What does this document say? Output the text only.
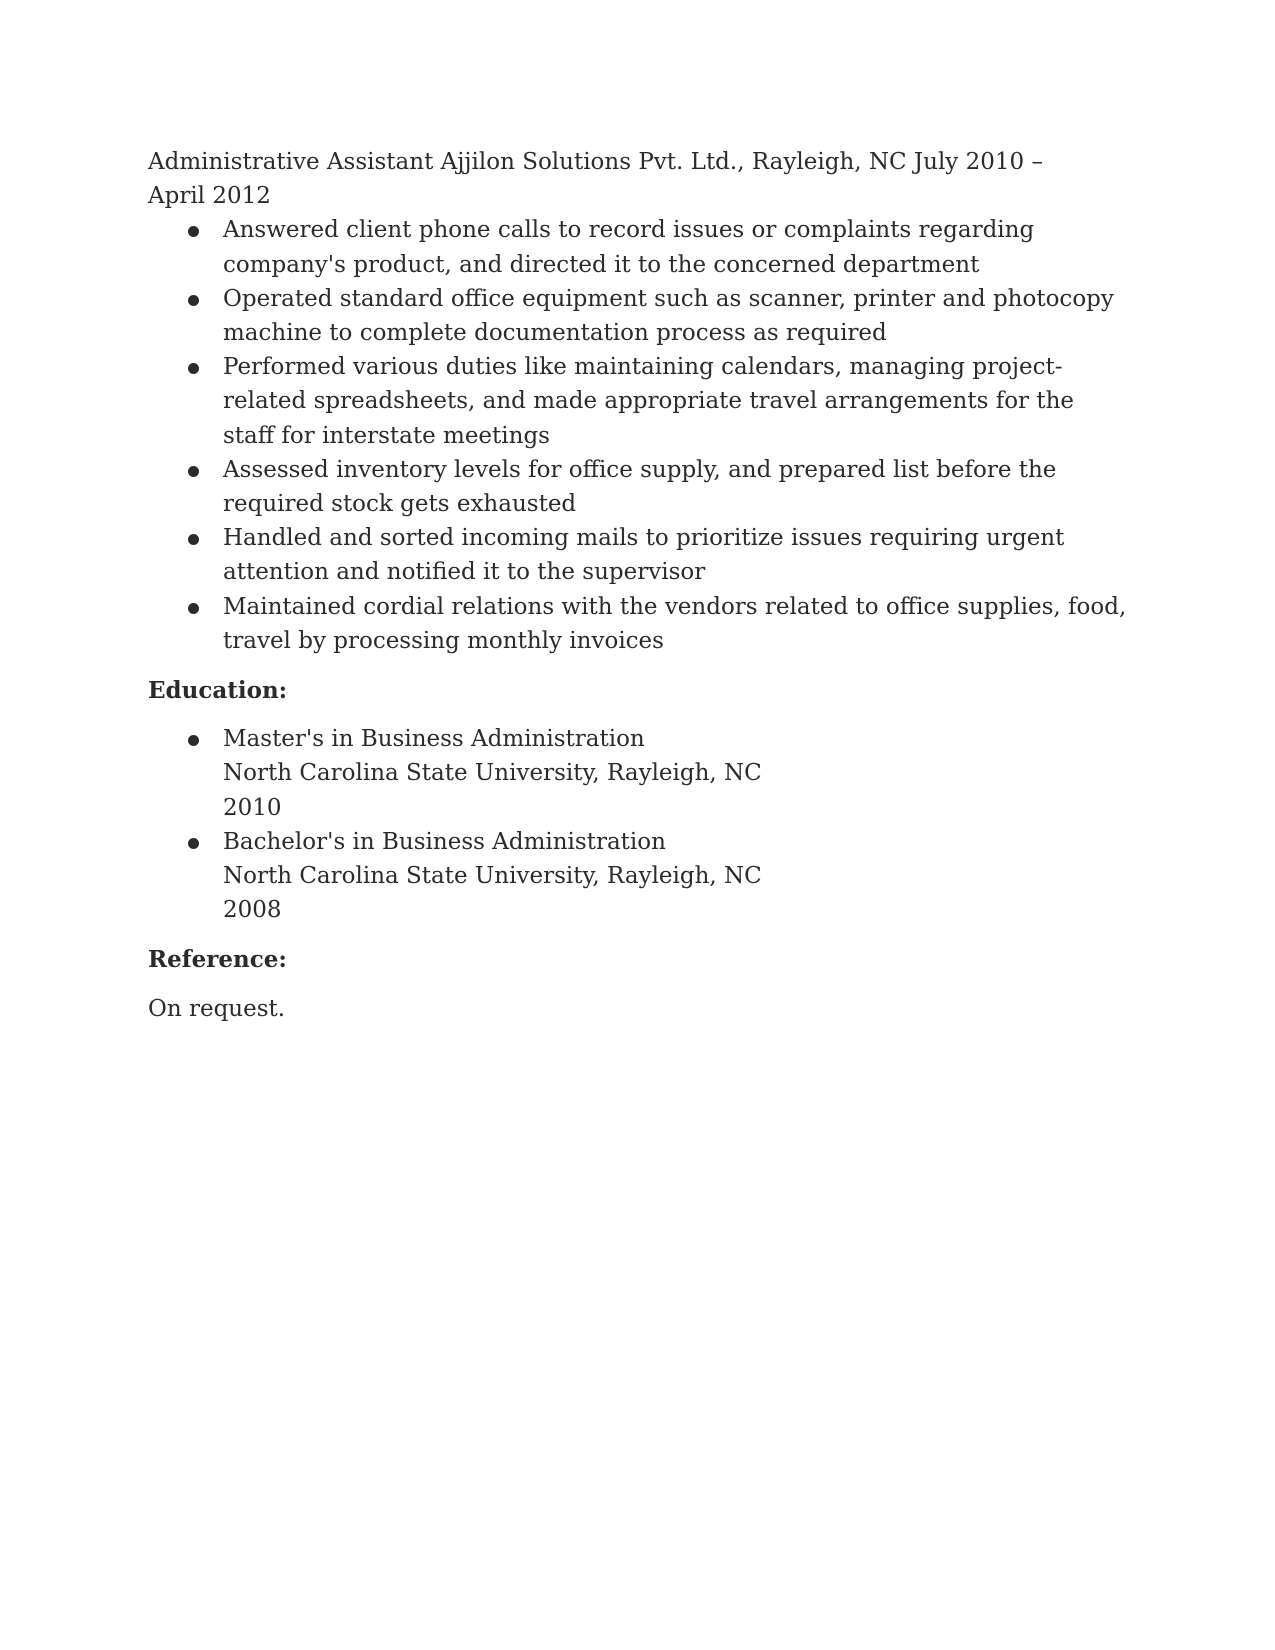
Administrative Assistant Ajjilon Solutions Pvt. Ltd., Rayleigh, NC July 2010 – April 2012

Answered client phone calls to record issues or complaints regarding company's product, and directed it to the concerned department
Operated standard office equipment such as scanner, printer and photocopy machine to complete documentation process as required
Performed various duties like maintaining calendars, managing project-related spreadsheets, and made appropriate travel arrangements for the staff for interstate meetings
Assessed inventory levels for office supply, and prepared list before the required stock gets exhausted
Handled and sorted incoming mails to prioritize issues requiring urgent attention and notified it to the supervisor
Maintained cordial relations with the vendors related to office supplies, food, travel by processing monthly invoices
Education:
Master's in Business Administration
North Carolina State University, Rayleigh, NC
2010
Bachelor's in Business Administration
North Carolina State University, Rayleigh, NC
2008
Reference:

On request.
